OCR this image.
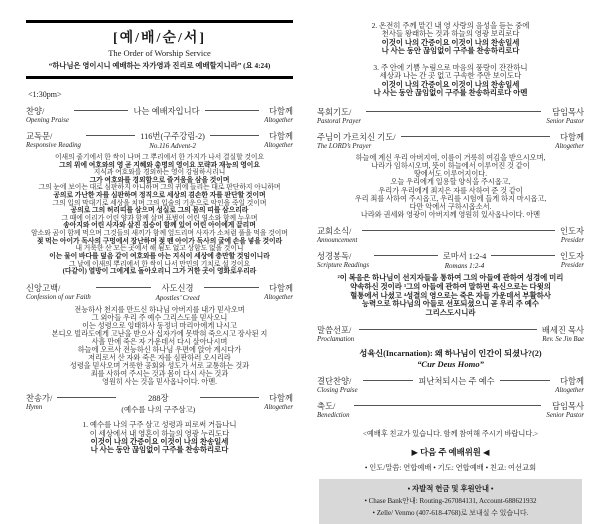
[예/배/순/서]
The Order of Worship Service
“하나님은 영이시니 예배하는 자가영과 진리로 예배할지니라” (요 4:24)
<1:30pm>
찬양/
Opening Praise
나는 예배자입니다	다함께
Altogether
교독문/
Responsive Reading
116번(구주강림-2)
No.116 Advent-2
다함께
Altogether
이새의 줄기에서 한 싹이 나며 그 뿌리에서 한 가지가 나서 결실할 것이요
그의 위에 여호와의 영 곧 지혜와 총명의 영이요 모략과 재능의 영이요
지식과 여호와를 경외하는 영이 강림하시리니
그가 여호와를 경외함으로 즐거움을 삼을 것이며
그의 눈에 보이는 대로 심판하지 아니하며 그의 귀에 들리는 대로 판단하지 아니하며
공의로 가난한 자를 심판하며 정직으로 세상의 겸손한 자를 판단할 것이며
그의 입의 막대기로 세상을 치며 그의 입술의 기운으로 악인을 죽일 것이며
공의로 그의 허리띠를 삼으며 성실로 그의 몸의 띠를 삼으리라
그 때에 이리가 어린 양과 함께 살며 표범이 어린 염소와 함께 누우며
송아지와 어린 사자와 살진 짐승이 함께 있어 어린 아이에게 끌리며
암소와 곰이 함께 먹으며 그것들의 새끼가 함께 엎드리며 사자가 소처럼 풀을 먹을 것이며
젖 먹는 아이가 독사의 구멍에서 장난하며 젖 뗀 아이가 독사의 굴에 손을 넣을 것이라
내 거룩한 산 모든 곳에서 해 됨도 없고 상함도 없을 것이니
이는 물이 바다를 덮음 같이 여호와를 아는 지식이 세상에 충만할 것임이니라
그 날에 이새의 뿌리에서 한 싹이 나서 만민의 기치로 설 것이요
(다같이) 열방이 그에게로 돌아오리니 그가 거한 곳이 영화로우리라
신앙고백/
Confession of our Faith
사도신경
Apostles’ Creed
다함께
Altogether
전능하사 천지를 만드신 하나님 아버지를 내가 믿사오며
그 외아들 우리 주 예수 그리스도를 믿사오니
이는 성령으로 잉태하사 동정녀 마리아에게 나시고
본디오 빌라도에게 고난을 받으사 십자가에 못박혀 죽으시고 장사된 지
사흘 만에 죽은 자 가운데서 다시 살아나시며
하늘에 오르사 전능하신 하나님 우편에 앉아 계시다가
저리로서 산 자와 죽은 자를 심판하러 오시리라
성령을 믿사오며 거룩한 공회와 성도가 서로 교통하는 것과
죄를 사하여 주시는 것과 몸이 다시 사는 것과
영원히 사는 것을 믿사옵나이다. 아멘.
찬송가/
Hymn
288장
(예수를 나의 구주삼고)
다함께
Altogether
1. 예수를 나의 구주 삼고 성령과 피로써 거듭나니
이 세상에서 내 영혼이 하늘의 영광 누리도다
이것이 나의 간증이요 이것이 나의 찬송일세
나 사는 동안 끊임없이 구주를 찬송하리로다
2. 온전히 주께 맡긴 내 영 사랑의 음성을 듣는 중에
천사들 왕래하는 것과 하늘의 영광 보리로다
이것이 나의 간증이요 이것이 나의 찬송일세
나 사는 동안 끊임없이 구주를 찬송하리로다
3. 주 안에 기쁨 누림으로 마음의 풍랑이 잔잔하니
세상과 나는 간 곳 없고 구속한 주만 보이도다
이것이 나의 간증이요 이것이 나의 찬송일세
나 사는 동안 끊임없이 구주를 찬송하리로다 아멘
목회기도/
Pastoral Prayer
담임목사
Senior Pastor
주님이 가르치신 기도/
The LORD’s Prayer
다함께
Altogether
하늘에 계신 우리 아버지여, 이름이 거룩히 여김을 받으시오며,
나라가 임하시오며, 뜻이 하늘에서 이루어진 것 같이
땅에서도 이루어지이다.
오늘 우리에게 일용할 양식을 주시옵고,
우리가 우리에게 죄지은 자를 사하여 준 것 같이
우리 죄를 사하여 주시옵고, 우리를 시험에 들게 하지 마시옵고,
다만 악에서 구하시옵소서.
나라와 권세와 영광이 아버지께 영원히 있사옵나이다. 아멘
교회소식/
Announcement
인도자
Presider
성경봉독/
Scripture Readings
로마서 1:2-4
Romans 1:2-4
인도자
Presider
²이 복음은 하나님이 선지자들을 통하여 그의 아들에 관하여 성경에 미리
약속하신 것이라 ³그의 아들에 관하여 말하면 육신으로는 다윗의
혈통에서 나셨고 ⁴성결의 영으로는 죽은 자들 가운데서 부활하사
능력으로 하나님의 아들로 선포되셨으니 곧 우리 주 예수
그리스도시니라
말씀선포/
Proclamation
배세진 목사
Rev. Se Jin Bae
성육신(Incarnation): 왜 하나님이 인간이 되셨나?(2)
“Cur Deus Homo”
결단찬양/
Closing Praise
피난처되시는 주 예수	다함께
Altogether
축도/
Benediction
담임목사
Senior Pastor
<예배후 친교가 있습니다. 함께 참여해 주시기 바랍니다.>
▶ 다음 주 예배위원 ◀
• 인도/말씀: 연합예배 • 기도: 연합예배 • 친교: 여선교회
• 자발적 헌금 및 후원안내 •
• Chase Bank안내: Routing-267084131, Account-688621932
• Zelle/ Venmo (407-618-4768)로 보내실 수 있습니다.
